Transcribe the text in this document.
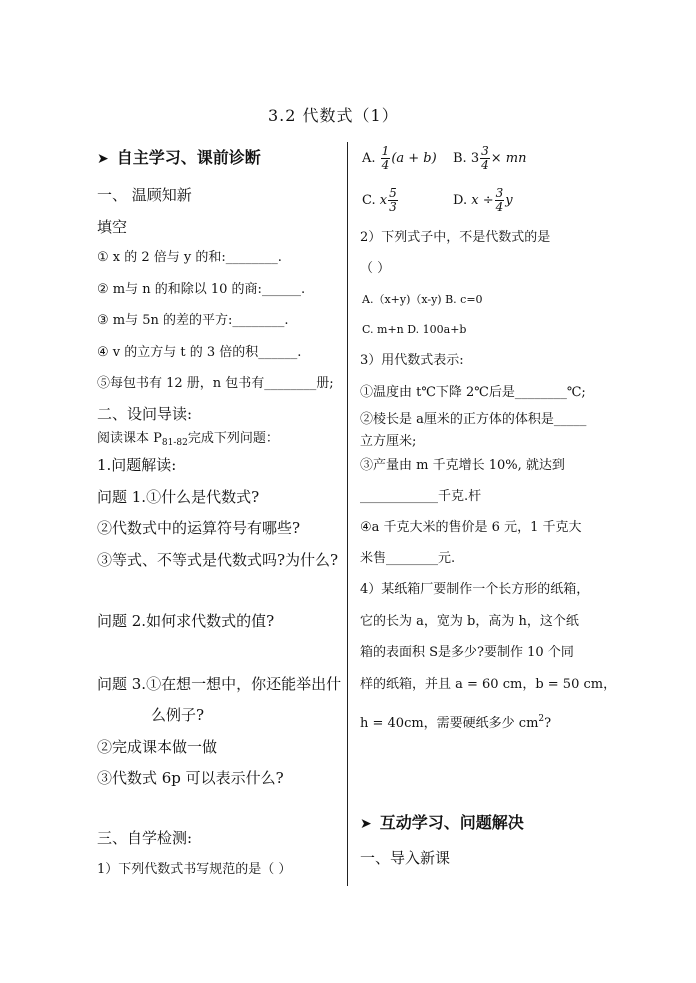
3.2 代数式（1）
➤ 自主学习、课前诊断
一、 温顾知新
填空
① x 的 2 倍与 y 的和:________.
② m与 n 的和除以 10 的商:______.
③ m与 5n 的差的平方:________.
④ v 的立方与 t 的 3 倍的积______.
⑤每包书有 12 册，n 包书有________册;
二、设问导读:
阅读课本 $P_{81-82}$完成下列问题：
1.问题解读:
问题 1.①什么是代数式?
②代数式中的运算符号有哪些?
③等式、不等式是代数式吗?为什么?
问题 2.如何求代数式的值?
问题 3.①在想一想中，你还能举出什
么例子?
②完成课本做一做
③代数式 6p 可以表示什么?
三、自学检测:
1）下列代数式书写规范的是（ ）
A. $\frac{1}{4} (a + b)$ B. $3 \frac{3}{4}$ × mn
C. x $\frac{5}{3}$	D. $x \div \frac{3}{4}$ y
2）下列式子中，不是代数式的是
（ ）
A.（x+y)（x-y) B. c=0
C. m+n D. 100a+b
3）用代数式表示:
①温度由 t℃下降 2℃后是________℃;
②棱长是 a厘米的正方体的体积是_____
立方厘米;
③产量由 m 千克增长 10%, 就达到
____________千克.杆
④a 千克大米的售价是 6 元，1 千克大
米售________元.
4）某纸箱厂要制作一个长方形的纸箱，
它的长为 a，宽为 b，高为 h，这个纸
箱的表面积 S是多少?要制作 10 个同
样的纸箱，并且 a = 60 cm，b = 50 cm，
h = 40cm，需要硬纸多少 $cm^2$?
➤ 互动学习、问题解决
一、导入新课
